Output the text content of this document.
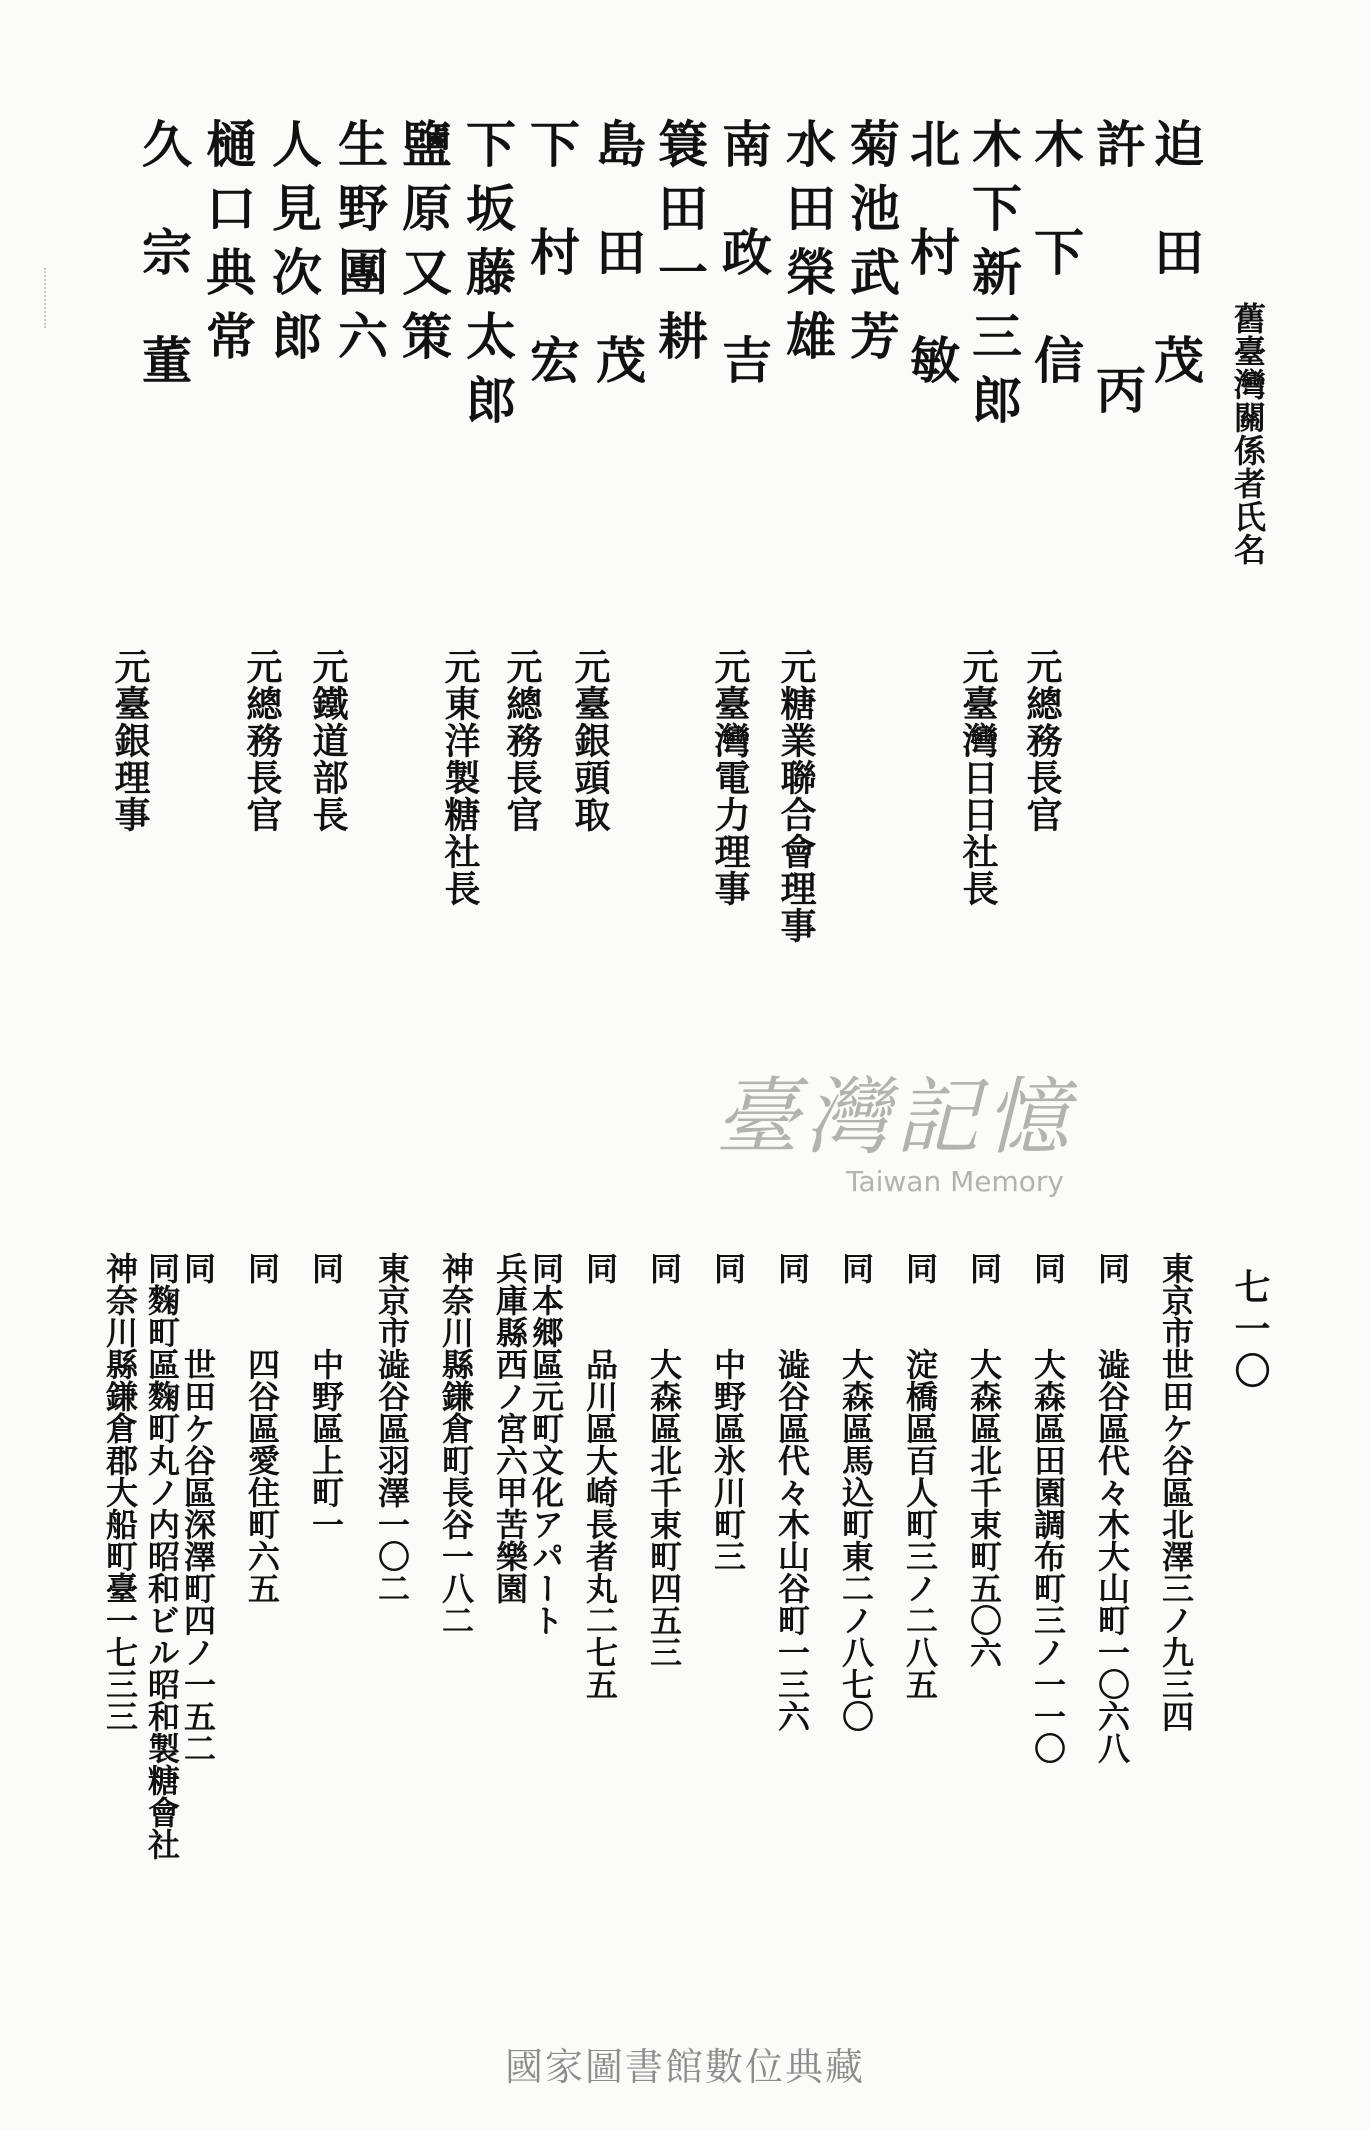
舊臺灣關係者氏名
七一〇
迫田茂
許丙
木下信
木下新三郎
北村敏
菊池武芳
水田榮雄
南政吉
簑田一耕
島田茂
下村宏
下坂藤太郎
鹽原又策
生野團六
人見次郎
樋口典常
久宗董
元總務長官
元臺灣日日社長
元糖業聯合會理事
元臺灣電力理事
元臺銀頭取
元總務長官
元東洋製糖社長
元鐵道部長
元總務長官
元臺銀理事
臺灣記憶
Taiwan Memory
東京市世田ケ谷區北澤三ノ九三四
同澁谷區代々木大山町一〇六八
同大森區田園調布町三ノ一一〇
同大森區北千束町五〇六
同淀橋區百人町三ノ二八五
同大森區馬込町東二ノ八七〇
同澁谷區代々木山谷町一三六
同中野區氷川町三
同大森區北千束町四五三
同品川區大崎長者丸二七五
同本郷區元町文化アパート
兵庫縣西ノ宮六甲苦樂園
神奈川縣鎌倉町長谷一八二
東京市澁谷區羽澤一〇二
同中野區上町一
同四谷區愛住町六五
同世田ケ谷區深澤町四ノ一五二
同麴町區麴町丸ノ内昭和ビル昭和製糖會社
神奈川縣鎌倉郡大船町臺一七三三
國家圖書館數位典藏
